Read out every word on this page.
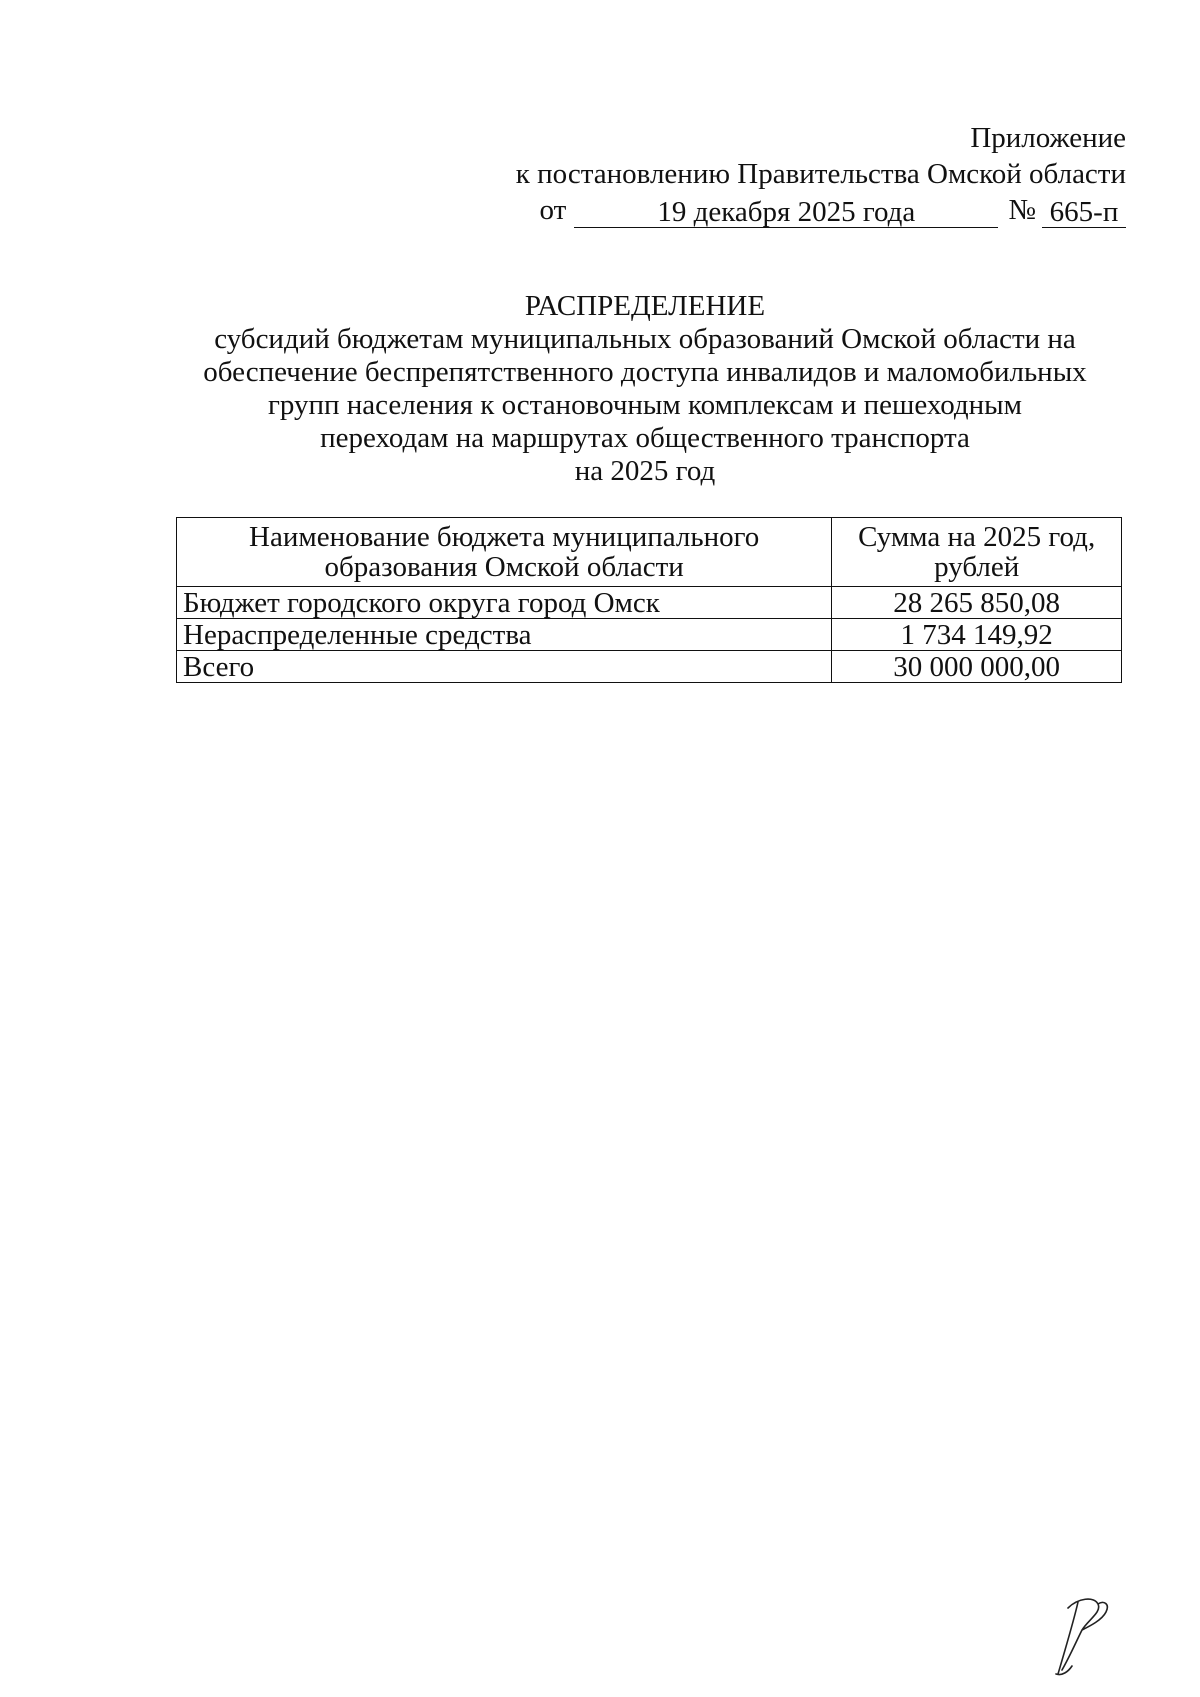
Приложение
к постановлению Правительства Омской области
от	19 декабря 2025 года	№ 665-п
РАСПРЕДЕЛЕНИЕ
субсидий бюджетам муниципальных образований Омской области на
обеспечение беспрепятственного доступа инвалидов и маломобильных
групп населения к остановочным комплексам и пешеходным
переходам на маршрутах общественного транспорта
на 2025 год
Наименование бюджета муниципального
образования Омской области	Сумма на 2025 год,
рублей
Бюджет городского округа город Омск	28 265 850,08
Нераспределенные средства	1 734 149,92
Всего	30 000 000,00
